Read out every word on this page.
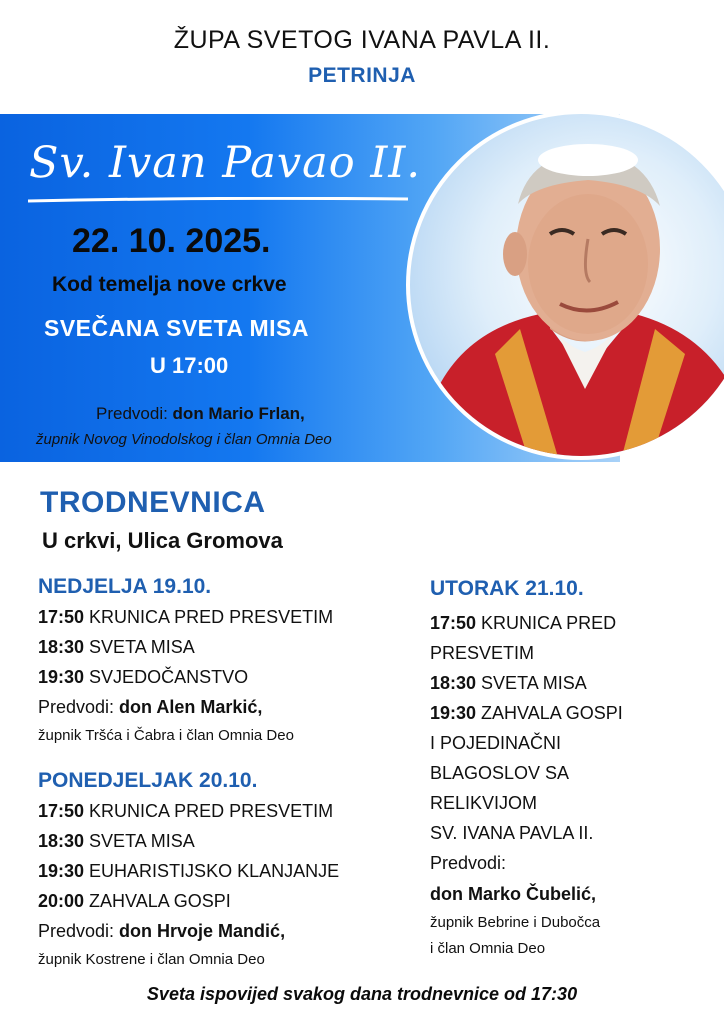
ŽUPA SVETOG IVANA PAVLA II.
PETRINJA
Sv. Ivan Pavao II.
22. 10. 2025.
Kod temelja nove crkve
SVEČANA SVETA MISA
U 17:00
Predvodi: don Mario Frlan,
župnik Novog Vinodolskog i član Omnia Deo
TRODNEVNICA
U crkvi, Ulica Gromova
NEDJELJA 19.10.
17:50 KRUNICA PRED PRESVETIM
18:30 SVETA MISA
19:30 SVJEDOČANSTVO
Predvodi: don Alen Markić,
župnik Tršća i Čabra i član Omnia Deo
PONEDJELJAK 20.10.
17:50 KRUNICA PRED PRESVETIM
18:30 SVETA MISA
19:30 EUHARISTIJSKO KLANJANJE
20:00 ZAHVALA GOSPI
Predvodi: don Hrvoje Mandić,
župnik Kostrene i član Omnia Deo
UTORAK 21.10.
17:50 KRUNICA PRED
PRESVETIM
18:30 SVETA MISA
19:30 ZAHVALA GOSPI
I POJEDINAČNI
BLAGOSLOV SA
RELIKVIJOM
SV. IVANA PAVLA II.
Predvodi:
don Marko Čubelić,
župnik Bebrine i Dubočca
i član Omnia Deo
Sveta ispovijed svakog dana trodnevnice od 17:30
